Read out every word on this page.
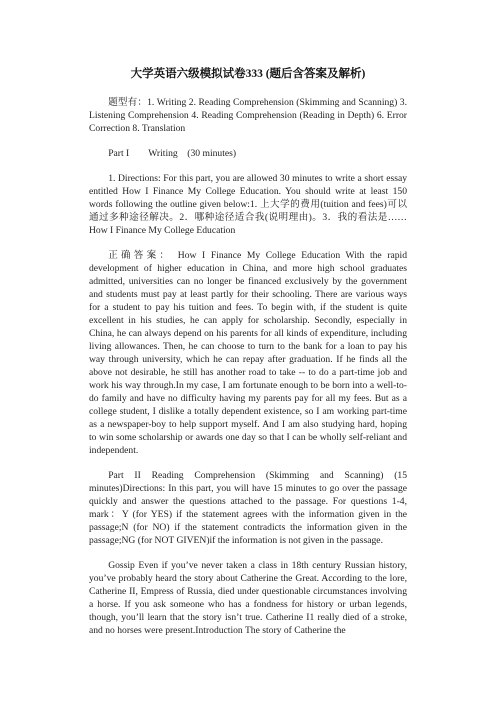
大学英语六级模拟试卷333 (题后含答案及解析)

题型有：1. Writing 2. Reading Comprehension (Skimming and Scanning) 3. Listening Comprehension 4. Reading Comprehension (Reading in Depth) 6. Error Correction 8. Translation

Part I        Writing    (30 minutes)

1. Directions: For this part, you are allowed 30 minutes to write a short essay entitled How I Finance My College Education. You should write at least 150 words following the outline given below:1. 上大学的费用(tuition and fees)可以通过多种途径解决。2．哪种途径适合我(说明理由)。3．我的看法是…… How I Finance My College Education

正确答案： How I Finance My College Education With the rapid development of higher education in China, and more high school graduates admitted, universities can no longer be financed exclusively by the government and students must pay at least partly for their schooling. There are various ways for a student to pay his tuition and fees. To begin with, if the student is quite excellent in his studies, he can apply for scholarship. Secondly, especially in China, he can always depend on his parents for all kinds of expenditure, including living allowances. Then, he can choose to turn to the bank for a loan to pay his way through university, which he can repay after graduation. If he finds all the above not desirable, he still has another road to take -- to do a part-time job and work his way through.In my case, I am fortunate enough to be born into a well-to-do family and have no difficulty having my parents pay for all my fees. But as a college student, I dislike a totally dependent existence, so I am working part-time as a newspaper-boy to help support myself. And I am also studying hard, hoping to win some scholarship or awards one day so that I can be wholly self-reliant and independent.

Part II Reading Comprehension (Skimming and Scanning) (15 minutes)Directions: In this part, you will have 15 minutes to go over the passage quickly and answer the questions attached to the passage. For questions 1-4, mark：Y (for YES) if the statement agrees with the information given in the passage;N (for NO) if the statement contradicts the information given in the passage;NG (for NOT GIVEN)if the information is not given in the passage.

Gossip Even if you’ve never taken a class in 18th century Russian history, you’ve probably heard the story about Catherine the Great. According to the lore, Catherine II, Empress of Russia, died under questionable circumstances involving a horse. If you ask someone who has a fondness for history or urban legends, though, you’ll learn that the story isn’t true. Catherine I1 really died of a stroke, and no horses were present.Introduction The story of Catherine the
